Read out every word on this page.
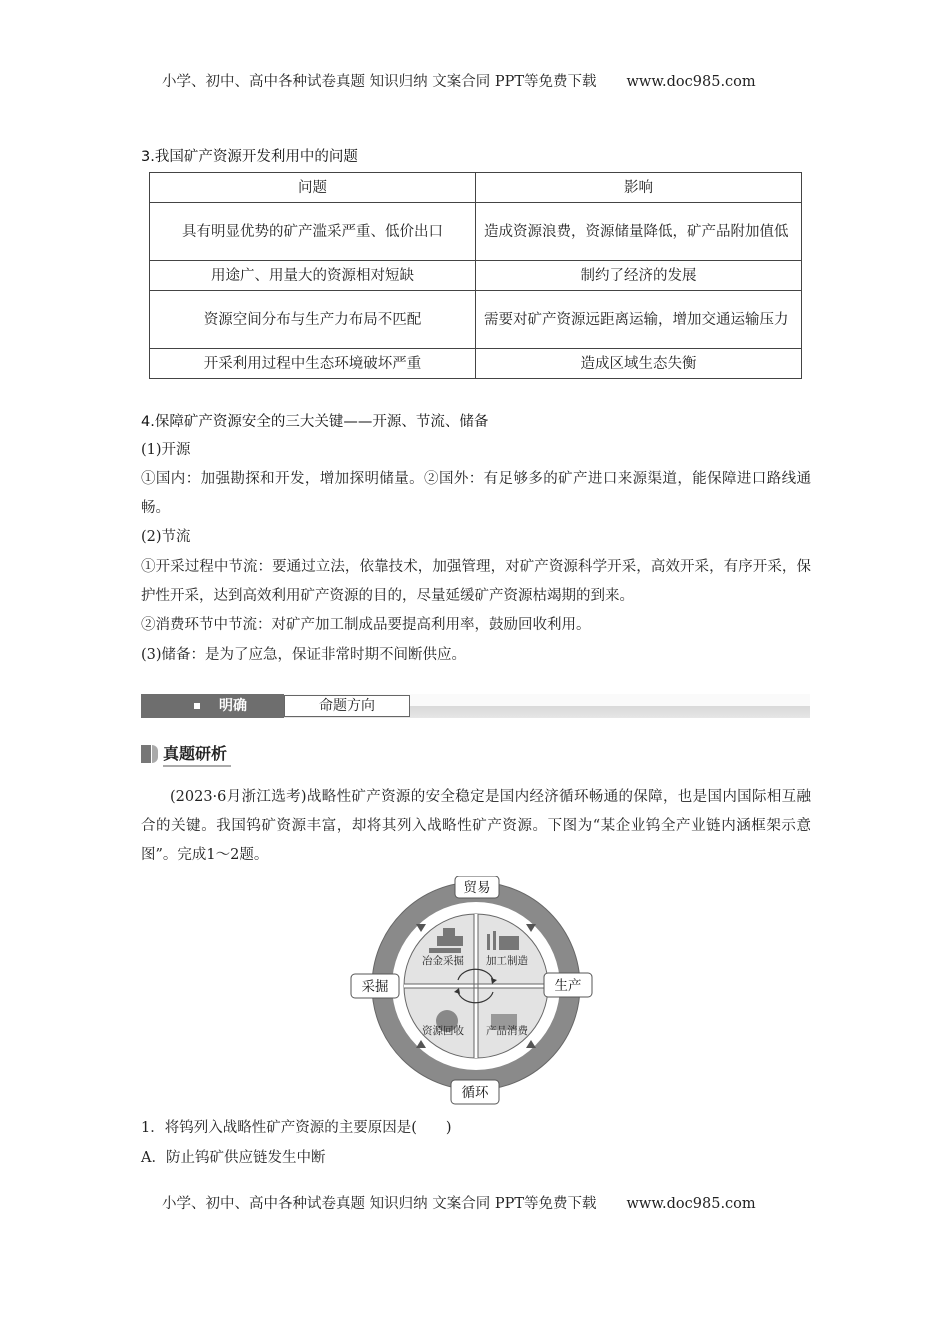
小学、初中、高中各种试卷真题 知识归纳 文案合同 PPT等免费下载 www.doc985.com
3.我国矿产资源开发利用中的问题
问题	影响
具有明显优势的矿产滥采严重、低价出口	造成资源浪费，资源储量降低，矿产品附加值低
用途广、用量大的资源相对短缺	制约了经济的发展
资源空间分布与生产力布局不匹配	需要对矿产资源远距离运输，增加交通运输压力
开采利用过程中生态环境破坏严重	造成区域生态失衡
4.保障矿产资源安全的三大关键——开源、节流、储备
(1)开源
①国内：加强勘探和开发，增加探明储量。②国外：有足够多的矿产进口来源渠道，能保障进口路线通畅。
(2)节流
①开采过程中节流：要通过立法，依靠技术，加强管理，对矿产资源科学开采，高效开采，有序开采，保护性开采，达到高效利用矿产资源的目的，尽量延缓矿产资源枯竭期的到来。
②消费环节中节流：对矿产加工制成品要提高利用率，鼓励回收利用。
(3)储备：是为了应急，保证非常时期不间断供应。
明确	命题方向
真题研析
(2023·6月浙江选考)战略性矿产资源的安全稳定是国内经济循环畅通的保障，也是国内国际相互融合的关键。我国钨矿资源丰富，却将其列入战略性矿产资源。下图为“某企业钨全产业链内涵框架示意图”。完成1～2题。
冶金采掘 加工制造
资源回收 产品消费
贸易
采掘	生产
循环
1．将钨列入战略性矿产资源的主要原因是(　　)
A．防止钨矿供应链发生中断
小学、初中、高中各种试卷真题 知识归纳 文案合同 PPT等免费下载 www.doc985.com
